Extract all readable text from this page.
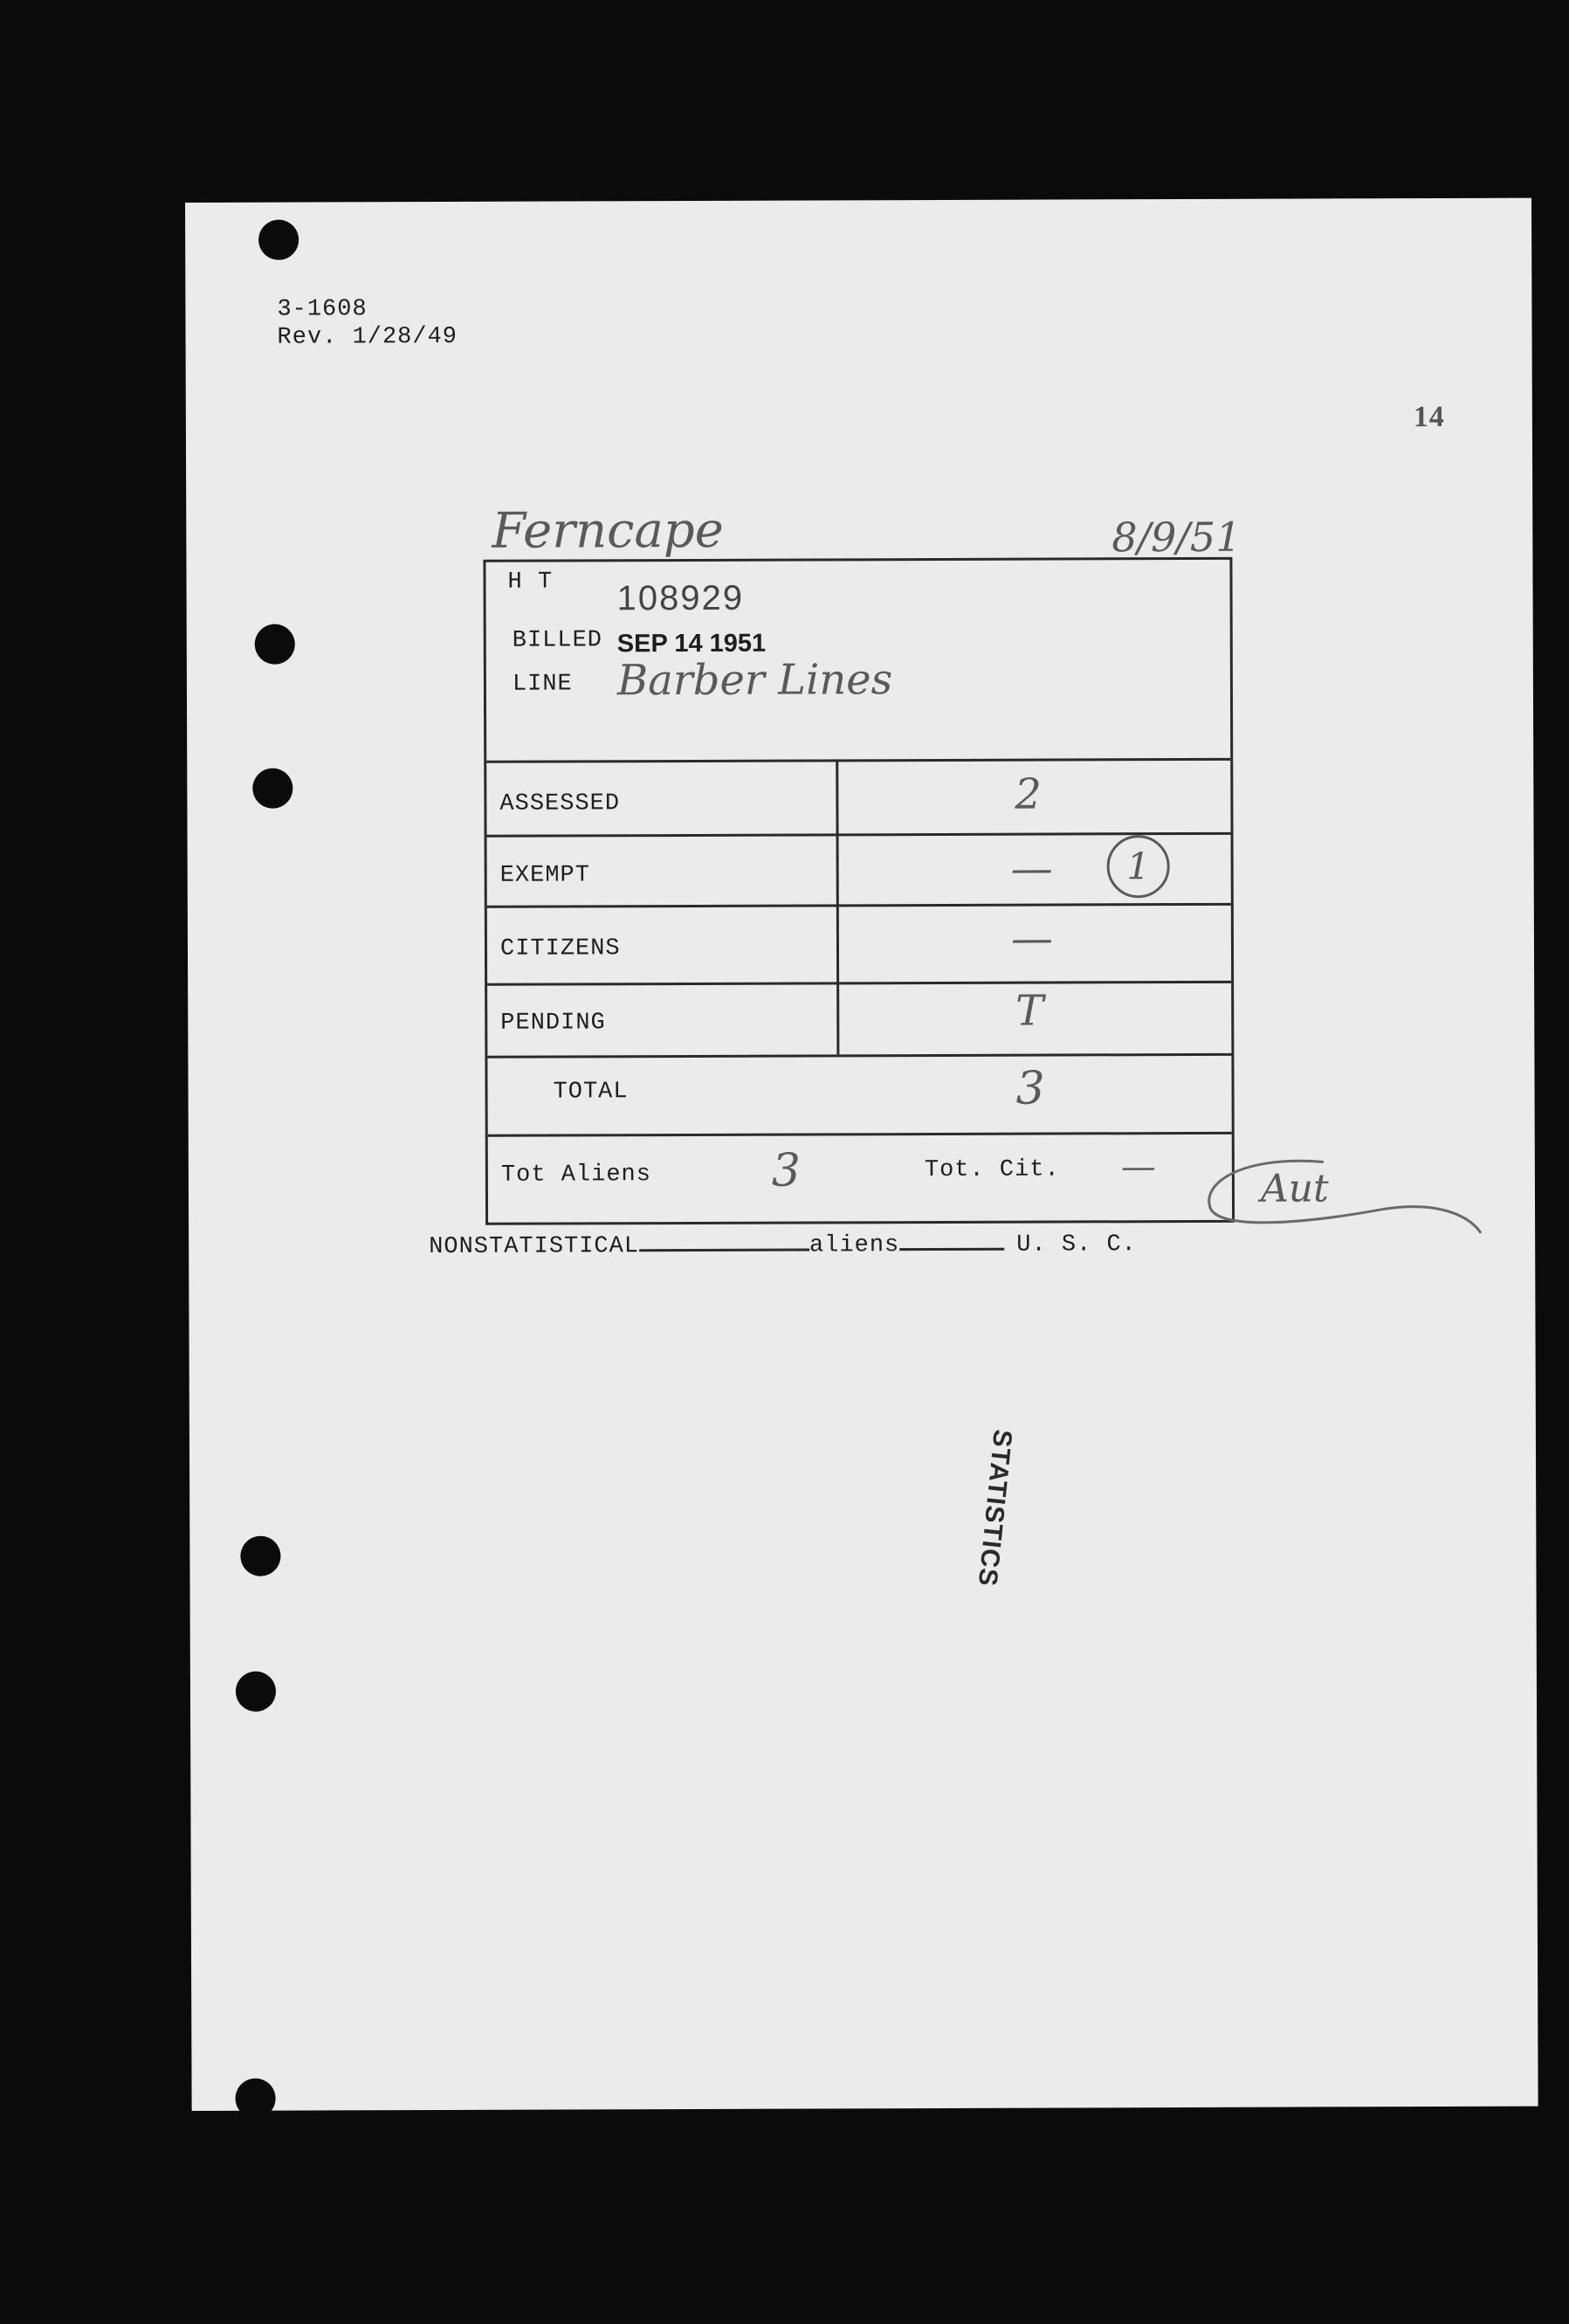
3-1608
Rev. 1/28/49
14
Ferncape	8/9/51
H T 108929
BILLED SEP 14 1951
LINE Barber Lines
ASSESSED	2
EXEMPT	—	1
CITIZENS	—
PENDING	T
TOTAL	3
Tot Aliens	3	Tot. Cit. —	Aut
NONSTATISTICAL	aliens	U. S. C.
STATISTICS
